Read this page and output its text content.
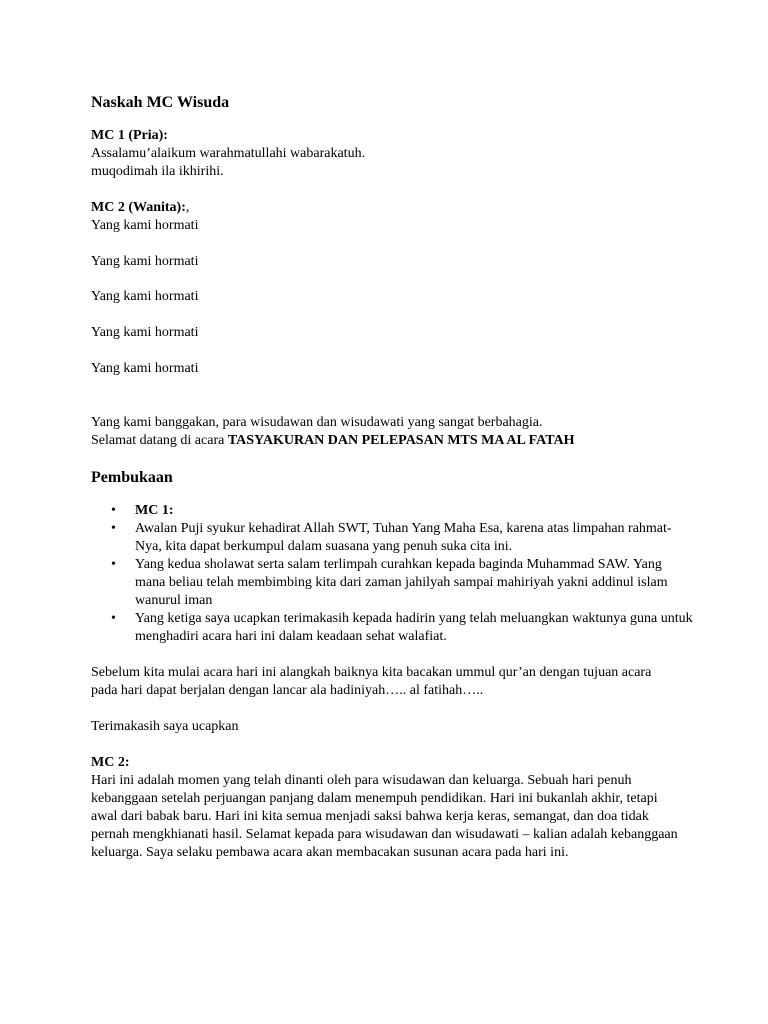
Naskah MC Wisuda
MC 1 (Pria):
Assalamu’alaikum warahmatullahi wabarakatuh.
muqodimah ila ikhirihi.
MC 2 (Wanita):,
Yang kami hormati
Yang kami hormati
Yang kami hormati
Yang kami hormati
Yang kami hormati
Yang kami banggakan, para wisudawan dan wisudawati yang sangat berbahagia.
Selamat datang di acara TASYAKURAN DAN PELEPASAN MTS MA AL FATAH
Pembukaan
• MC 1:
• Awalan Puji syukur kehadirat Allah SWT, Tuhan Yang Maha Esa, karena atas limpahan rahmat-Nya, kita dapat berkumpul dalam suasana yang penuh suka cita ini.
• Yang kedua sholawat serta salam terlimpah curahkan kepada baginda Muhammad SAW. Yang mana beliau telah membimbing kita dari zaman jahilyah sampai mahiriyah yakni addinul islam wanurul iman
• Yang ketiga saya ucapkan terimakasih kepada hadirin yang telah meluangkan waktunya guna untuk menghadiri acara hari ini dalam keadaan sehat walafiat.
Sebelum kita mulai acara hari ini alangkah baiknya kita bacakan ummul qur’an dengan tujuan acara pada hari dapat berjalan dengan lancar ala hadiniyah….. al fatihah…..
Terimakasih saya ucapkan
MC 2:
Hari ini adalah momen yang telah dinanti oleh para wisudawan dan keluarga. Sebuah hari penuh kebanggaan setelah perjuangan panjang dalam menempuh pendidikan. Hari ini bukanlah akhir, tetapi awal dari babak baru. Hari ini kita semua menjadi saksi bahwa kerja keras, semangat, dan doa tidak pernah mengkhianati hasil. Selamat kepada para wisudawan dan wisudawati – kalian adalah kebanggaan keluarga. Saya selaku pembawa acara akan membacakan susunan acara pada hari ini.
